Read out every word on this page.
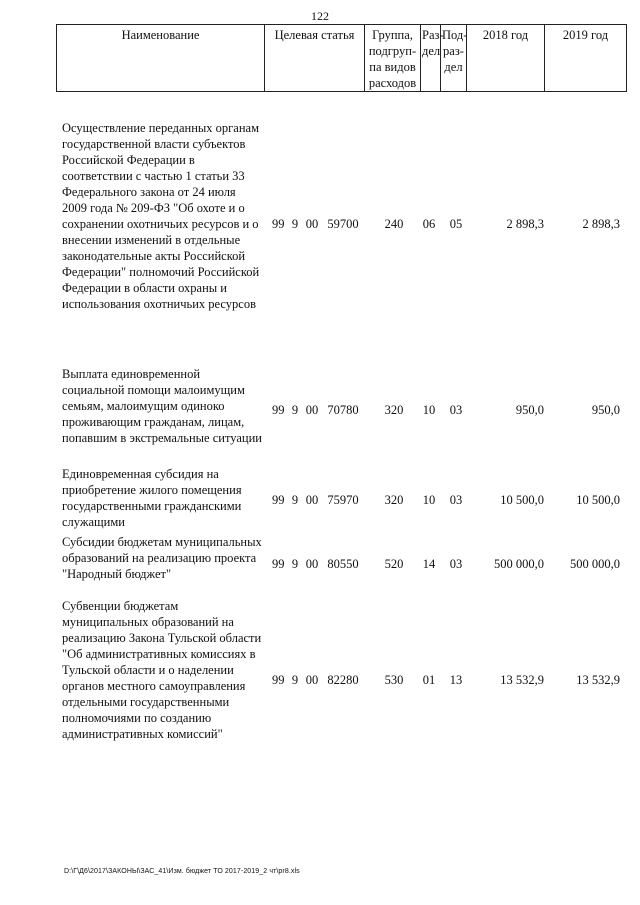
122
Наименование	Целевая статья	Группа, подгруп-па видов расходов	Раз-дел	Под-раз-дел	2018 год	2019 год
Осуществление переданных органам государственной власти субъектов Российской Федерации в соответствии с частью 1 статьи 33 Федерального закона от 24 июля 2009 года № 209-ФЗ "Об охоте и о сохранении охотничьих ресурсов и о внесении изменений в отдельные законодательные акты Российской Федерации" полномочий Российской Федерации в области охраны и использования охотничьих ресурсов
99 9 00 59700	240	06	05	2 898,3	2 898,3
Выплата единовременной социальной помощи малоимущим семьям, малоимущим одиноко проживающим гражданам, лицам, попавшим в экстремальные ситуации
99 9 00 70780	320	10	03	950,0	950,0
Единовременная субсидия на приобретение жилого помещения государственными гражданскими служащими
99 9 00 75970	320	10	03	10 500,0	10 500,0
Субсидии бюджетам муниципальных образований на реализацию проекта "Народный бюджет"
99 9 00 80550	520	14	03	500 000,0	500 000,0
Субвенции бюджетам муниципальных образований на реализацию Закона Тульской области "Об административных комиссиях в Тульской области и о наделении органов местного самоуправления отдельными государственными полномочиями по созданию административных комиссий"
99 9 00 82280	530	01	13	13 532,9	13 532,9
D:\Г\Д6\2017\ЗАКОНЫ\ЗАС_41\Изм. бюджет ТО 2017-2019_2 чт\pr8.xls
